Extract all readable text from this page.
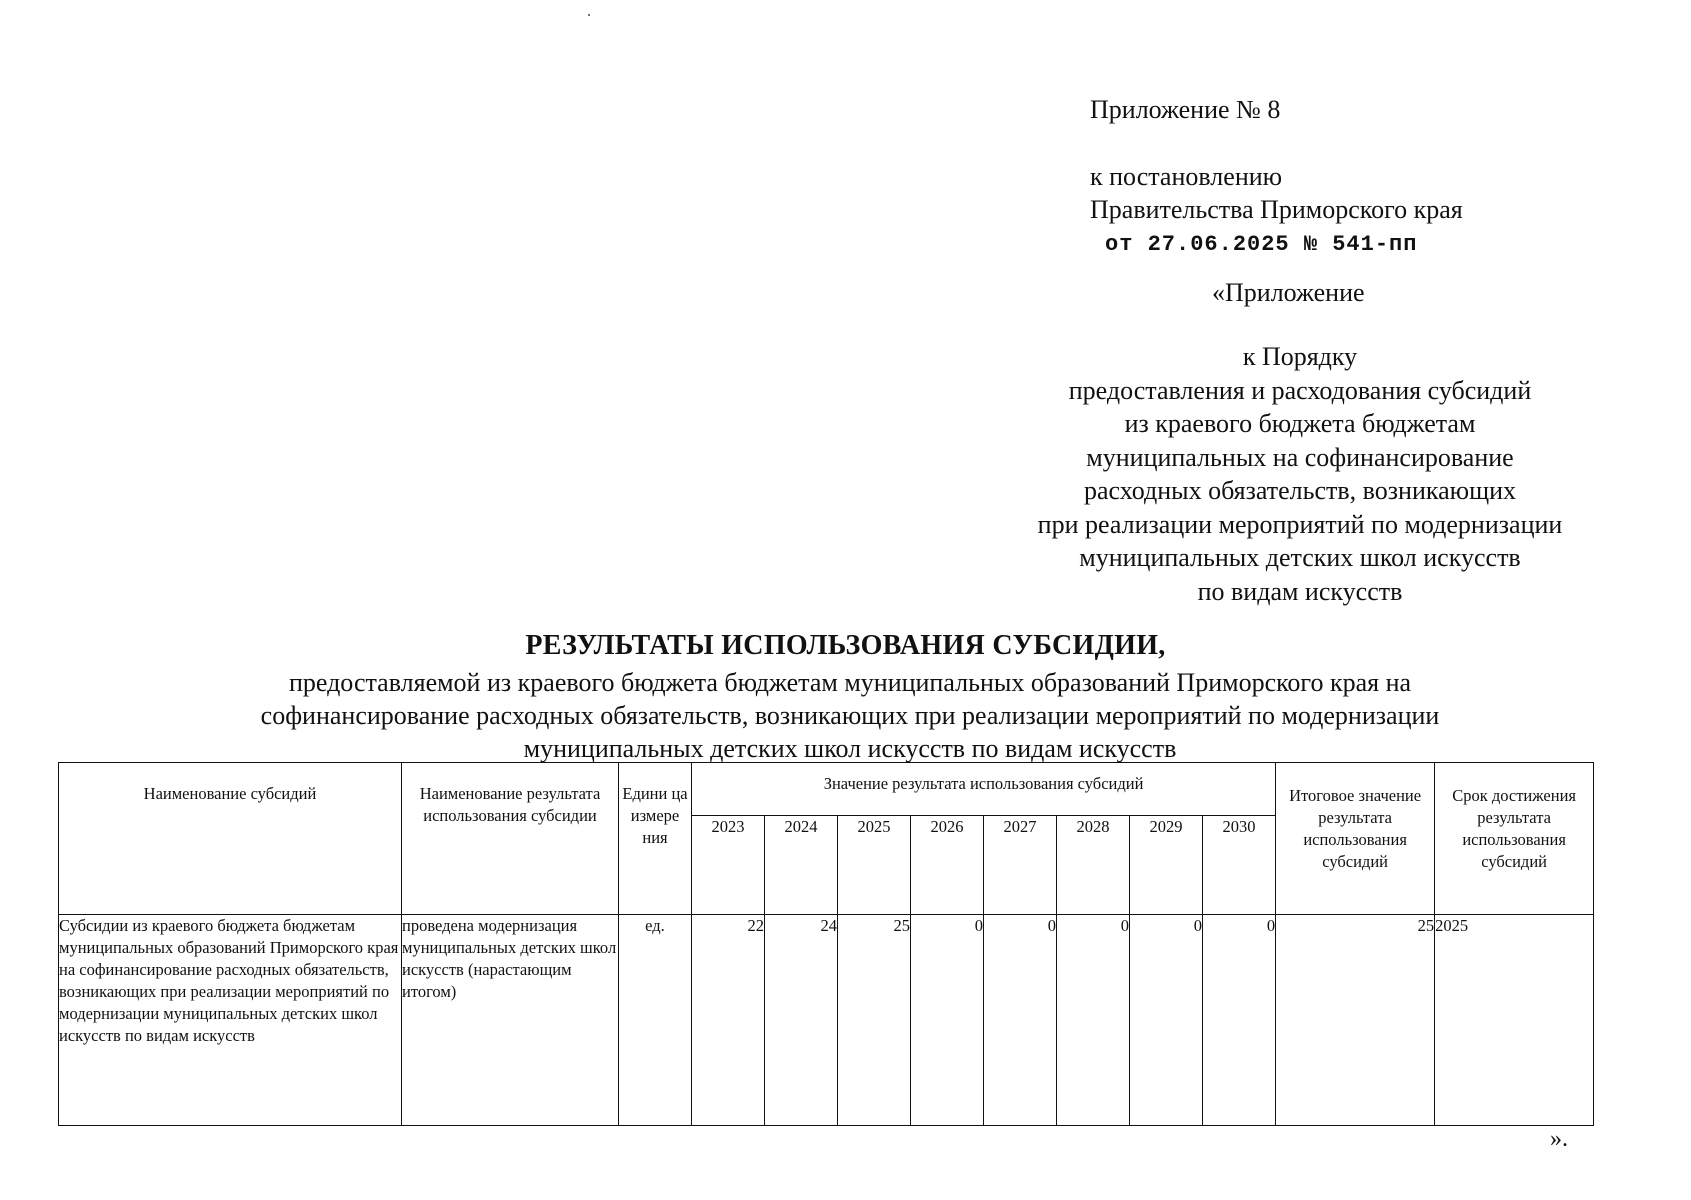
Приложение № 8
к постановлению
Правительства Приморского края
от 27.06.2025 № 541-пп
«Приложение
к Порядку
предоставления и расходования субсидий
из краевого бюджета бюджетам
муниципальных на софинансирование
расходных обязательств, возникающих
при реализации мероприятий по модернизации
муниципальных детских школ искусств
по видам искусств
РЕЗУЛЬТАТЫ ИСПОЛЬЗОВАНИЯ СУБСИДИИ,
предоставляемой из краевого бюджета бюджетам муниципальных образований Приморского края на
софинансирование расходных обязательств, возникающих при реализации мероприятий по модернизации
муниципальных детских школ искусств по видам искусств
Наименование субсидий	Наименование результата использования субсидии	Едини ца измере ния	Значение результата использования субсидий								Итоговое значение результата использования субсидий	Срок достижения результата использования субсидий
			2023	2024	2025	2026	2027	2028	2029	2030		
Субсидии из краевого бюджета бюджетам муниципальных образований Приморского края на софинансирование расходных обязательств, возникающих при реализации мероприятий по модернизации муниципальных детских школ искусств по видам искусств	проведена модернизация муниципальных детских школ искусств (нарастающим итогом)	ед.	22	24	25	0	0	0	0	0	25	2025
».
